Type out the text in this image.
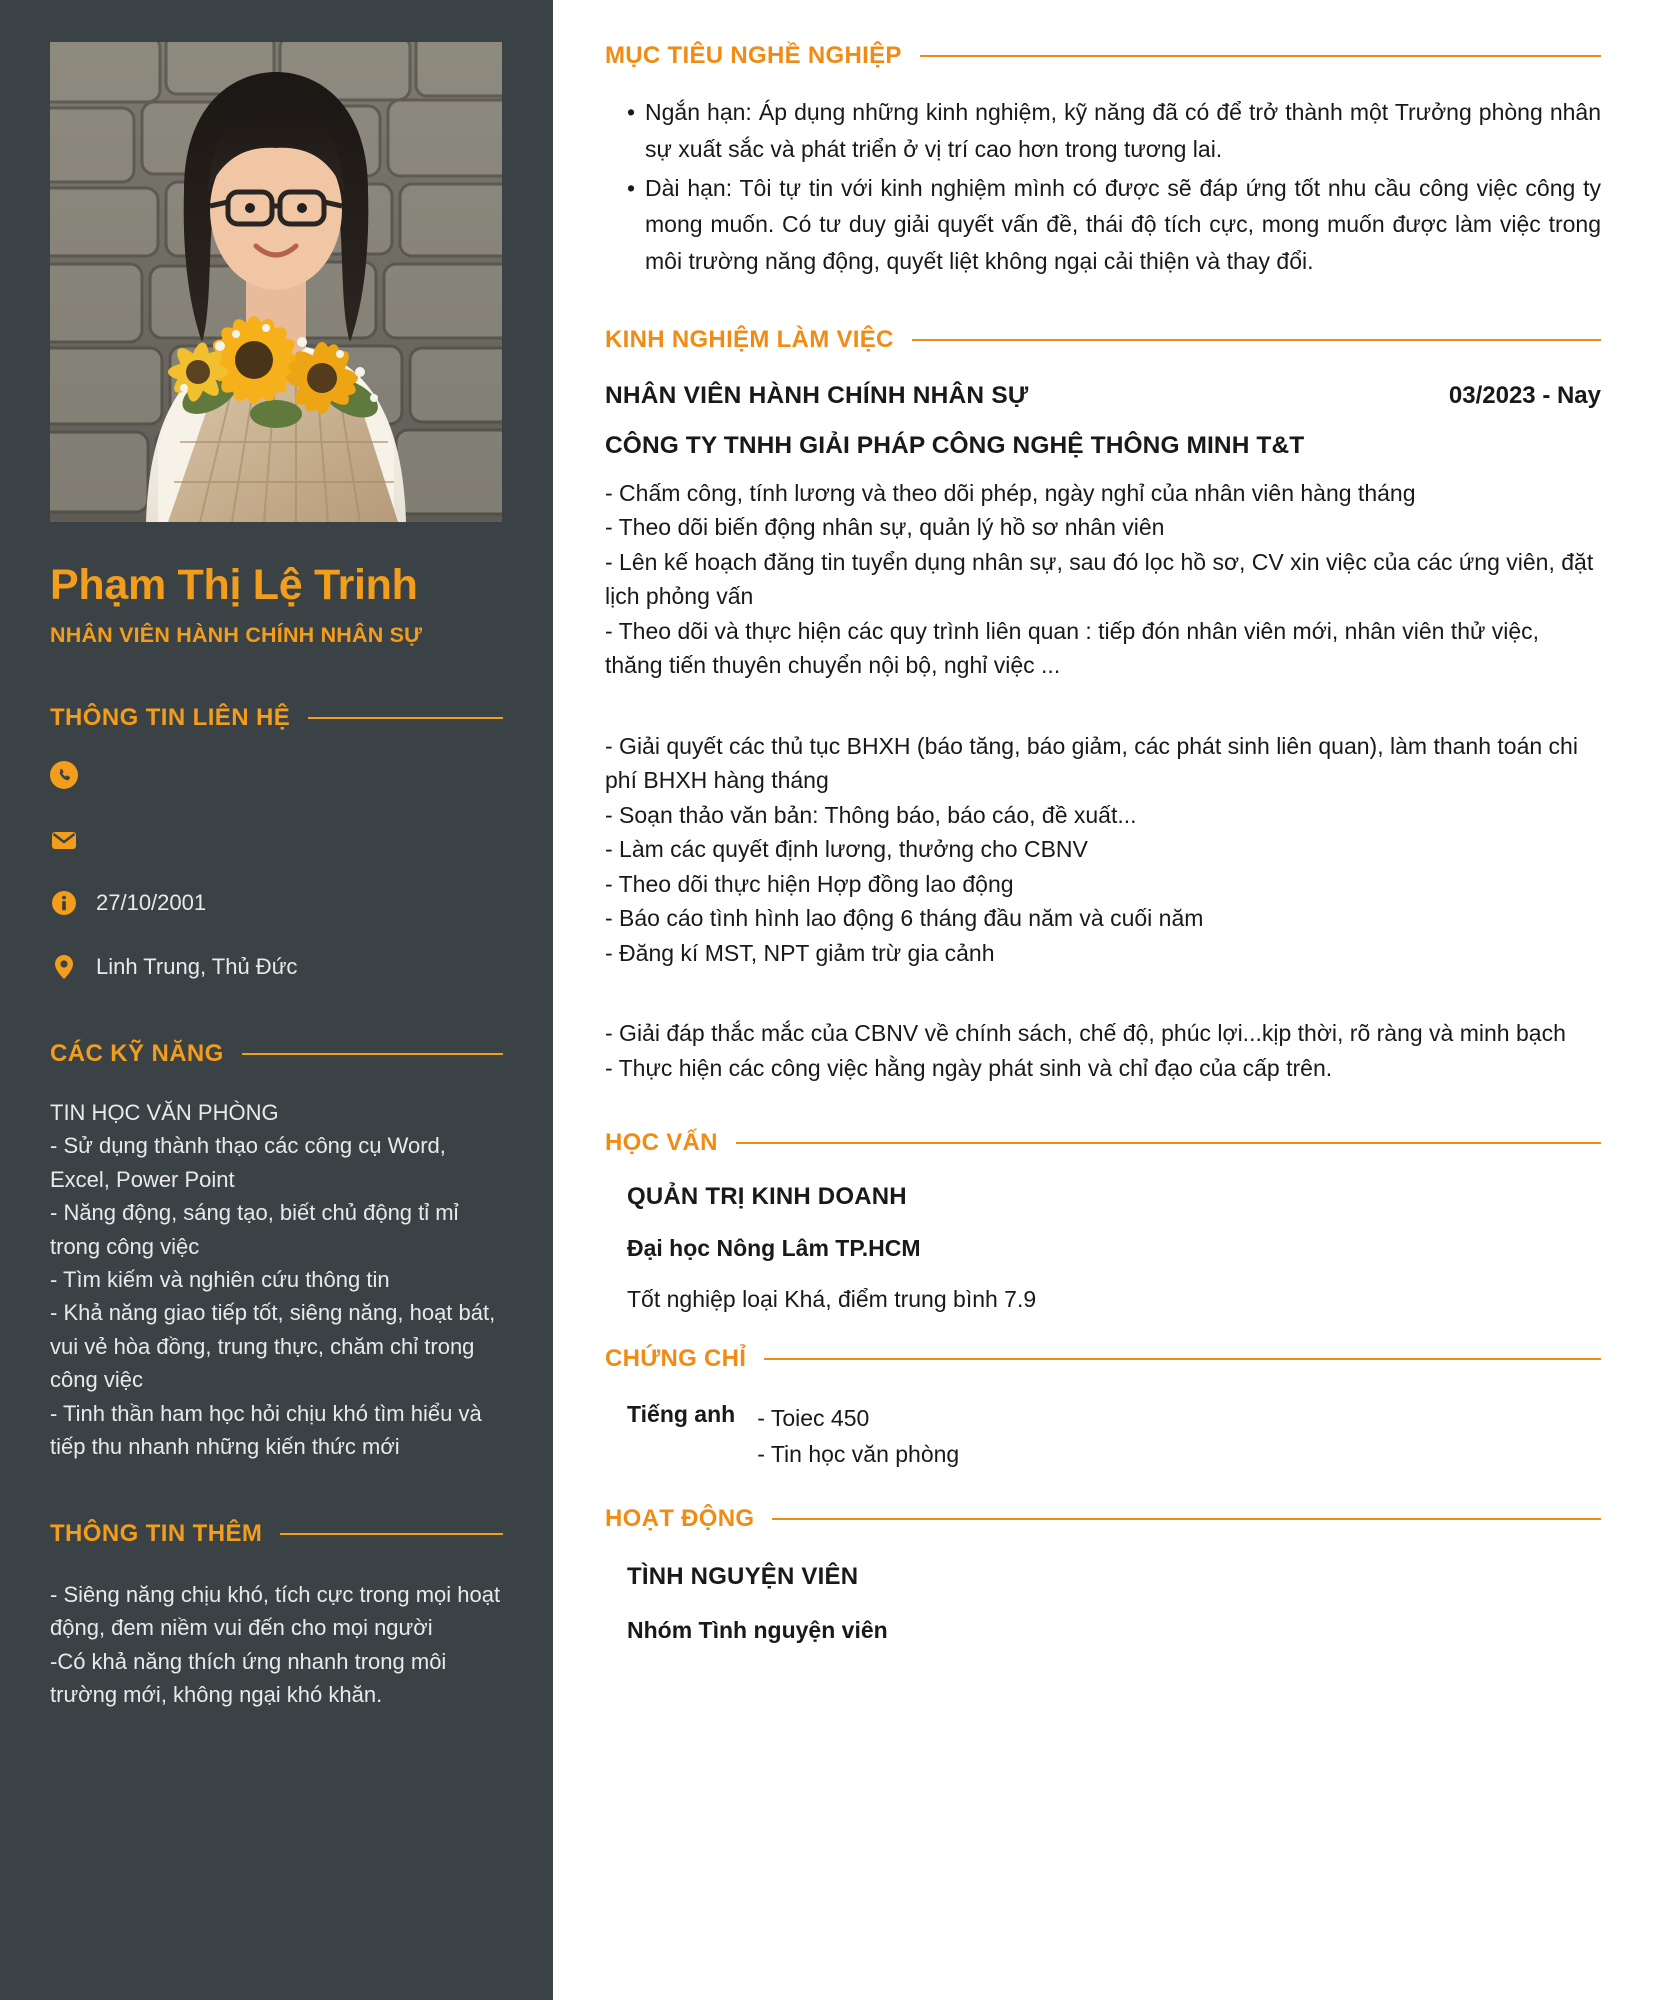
Phạm Thị Lệ Trinh
NHÂN VIÊN HÀNH CHÍNH NHÂN SỰ
THÔNG TIN LIÊN HỆ
27/10/2001
Linh Trung, Thủ Đức
CÁC KỸ NĂNG
TIN HỌC VĂN PHÒNG
- Sử dụng thành thạo các công cụ Word, Excel, Power Point
- Năng động, sáng tạo, biết chủ động tỉ mỉ trong công việc
- Tìm kiếm và nghiên cứu thông tin
- Khả năng giao tiếp tốt, siêng năng, hoạt bát, vui vẻ hòa đồng, trung thực, chăm chỉ trong công việc
- Tinh thần ham học hỏi chịu khó tìm hiểu và tiếp thu nhanh những kiến thức mới
THÔNG TIN THÊM
- Siêng năng chịu khó, tích cực trong mọi hoạt động, đem niềm vui đến cho mọi người
-Có khả năng thích ứng nhanh trong môi trường mới, không ngại khó khăn.
MỤC TIÊU NGHỀ NGHIỆP
• Ngắn hạn: Áp dụng những kinh nghiệm, kỹ năng đã có để trở thành một Trưởng phòng nhân sự xuất sắc và phát triển ở vị trí cao hơn trong tương lai.
• Dài hạn: Tôi tự tin với kinh nghiệm mình có được sẽ đáp ứng tốt nhu cầu công việc công ty mong muốn. Có tư duy giải quyết vấn đề, thái độ tích cực, mong muốn được làm việc trong môi trường năng động, quyết liệt không ngại cải thiện và thay đổi.
KINH NGHIỆM LÀM VIỆC
NHÂN VIÊN HÀNH CHÍNH NHÂN SỰ	03/2023 - Nay
CÔNG TY TNHH GIẢI PHÁP CÔNG NGHỆ THÔNG MINH T&T
- Chấm công, tính lương và theo dõi phép, ngày nghỉ của nhân viên hàng tháng
- Theo dõi biến động nhân sự, quản lý hồ sơ nhân viên
- Lên kế hoạch đăng tin tuyển dụng nhân sự, sau đó lọc hồ sơ, CV xin việc của các ứng viên, đặt lịch phỏng vấn
- Theo dõi và thực hiện các quy trình liên quan : tiếp đón nhân viên mới, nhân viên thử việc, thăng tiến thuyên chuyển nội bộ, nghỉ việc ...
- Giải quyết các thủ tục BHXH (báo tăng, báo giảm, các phát sinh liên quan), làm thanh toán chi phí BHXH hàng tháng
- Soạn thảo văn bản: Thông báo, báo cáo, đề xuất...
- Làm các quyết định lương, thưởng cho CBNV
- Theo dõi thực hiện Hợp đồng lao động
- Báo cáo tình hình lao động 6 tháng đầu năm và cuối năm
- Đăng kí MST, NPT giảm trừ gia cảnh
- Giải đáp thắc mắc của CBNV về chính sách, chế độ, phúc lợi...kịp thời, rõ ràng và minh bạch
- Thực hiện các công việc hằng ngày phát sinh và chỉ đạo của cấp trên.
HỌC VẤN
QUẢN TRỊ KINH DOANH
Đại học Nông Lâm TP.HCM
Tốt nghiệp loại Khá, điểm trung bình 7.9
CHỨNG CHỈ
Tiếng anh - Toiec 450
- Tin học văn phòng
HOẠT ĐỘNG
TÌNH NGUYỆN VIÊN
Nhóm Tình nguyện viên
